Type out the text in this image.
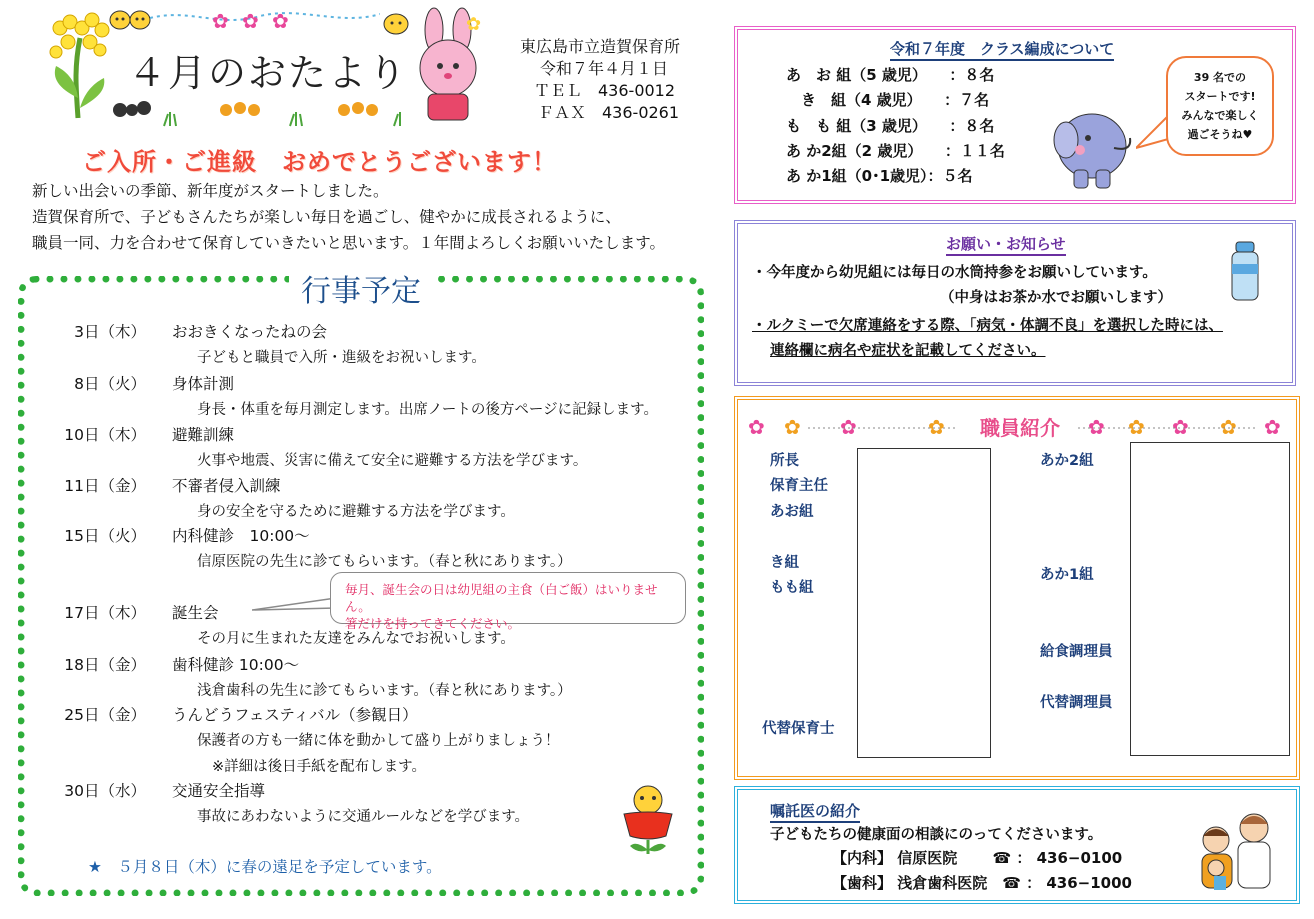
✿ ✿ ✿	✿
４月のおたより
東広島市立造賀保育所
令和７年４月１日
ＴＥＬ　436-0012
ＦＡＸ　436-0261
ご入所・ご進級　おめでとうございます！
新しい出会いの季節、新年度がスタートしました。
造賀保育所で、子どもさんたちが楽しい毎日を過ごし、健やかに成長されるように、
職員一同、力を合わせて保育していきたいと思います。１年間よろしくお願いいたします。
行事予定
毎月、誕生会の日は幼児組の主食（白ご飯）はいりません。
箸だけを持ってきてください。
★　５月８日（木）に春の遠足を予定しています。
令和７年度　クラス編成について
あ　お 組（5 歳児）　　：８名
　き　組（4 歳児）　　：７名
も　も 組（3 歳児）　　：８名
あ か2組（2 歳児）　　：１１名
あ か1組（0･1歳児）：５名
39 名での
スタートです!
みんなで楽しく
過ごそうね♥
お願い・お知らせ
・今年度から幼児組には毎日の水筒持参をお願いしています。
（中身はお茶か水でお願いします）
・ルクミーで欠席連絡をする際、「病気・体調不良」を選択した時には、
連絡欄に病名や症状を記載してください。
✿ ✿ ✿	✿	✿ ✿ ✿ ✿ ✿
職員紹介
所長
保育主任
あお組
き組
もも組
代替保育士
あか2組
あか1組
給食調理員
代替調理員
嘱託医の紹介
子どもたちの健康面の相談にのってくださいます。
【内科】 信原医院　　 ☎ ： 436−0100
【歯科】 浅倉歯科医院　☎ ： 436−1000
3日（木） おおきくなったねの会
子どもと職員で入所・進級をお祝いします。
8日（火） 身体計測
身長・体重を毎月測定します。出席ノートの後方ページに記録します。
10日（木） 避難訓練
火事や地震、災害に備えて安全に避難する方法を学びます。
11日（金） 不審者侵入訓練
身の安全を守るために避難する方法を学びます。
15日（火） 内科健診　10:00～
信原医院の先生に診てもらいます。（春と秋にあります。）
17日（木） 誕生会
その月に生まれた友達をみんなでお祝いします。
18日（金） 歯科健診 10:00～
浅倉歯科の先生に診てもらいます。（春と秋にあります。）
25日（金） うんどうフェスティバル（参観日）
保護者の方も一緒に体を動かして盛り上がりましょう！
※詳細は後日手紙を配布します。
30日（水） 交通安全指導
事故にあわないように交通ルールなどを学びます。
